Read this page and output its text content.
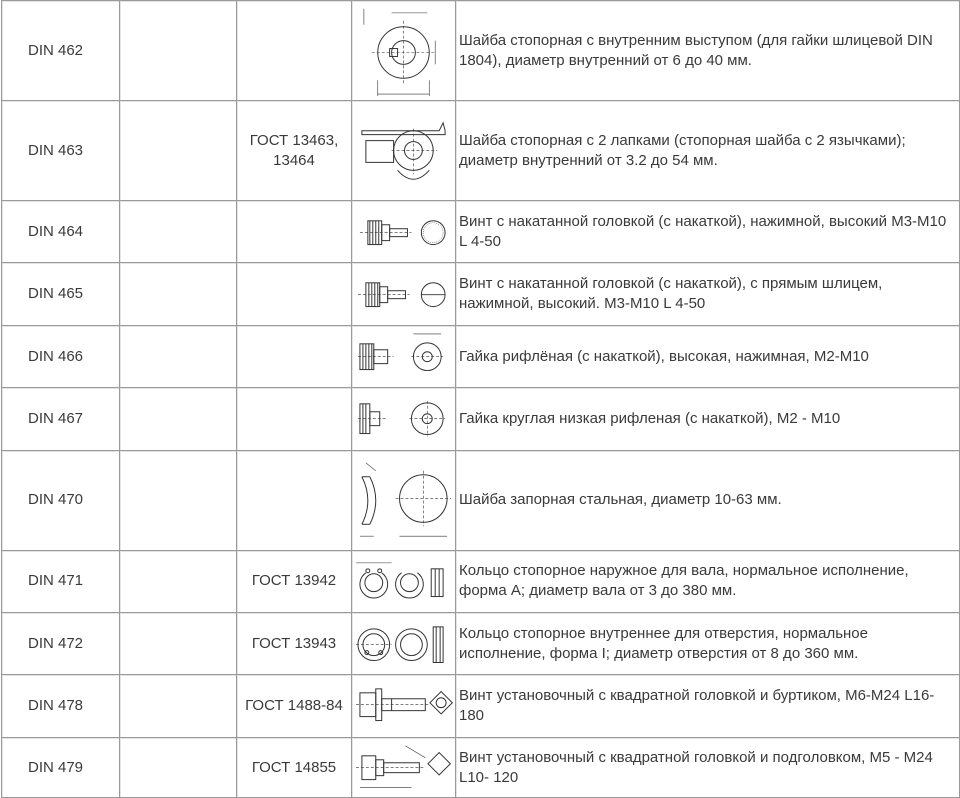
DIN 462				Шайба стопорная с внутренним выступом (для гайки шлицевой DIN 1804), диаметр внутренний от 6 до 40 мм.
DIN 463		ГОСТ 13463, 13464		Шайба стопорная с 2 лапками (стопорная шайба с 2 язычками); диаметр внутренний от 3.2 до 54 мм.
DIN 464				Винт с накатанной головкой (с накаткой), нажимной, высокий M3-M10 L 4-50
DIN 465				Винт с накатанной головкой (с накаткой), с прямым шлицем, нажимной, высокий. M3-M10 L 4-50
DIN 466				Гайка рифлёная (с накаткой), высокая, нажимная, M2-M10
DIN 467				Гайка круглая низкая рифленая (с накаткой), M2 - M10
DIN 470				Шайба запорная стальная, диаметр 10-63 мм.
DIN 471		ГОСТ 13942		Кольцо стопорное наружное для вала, нормальное исполнение, форма А; диаметр вала от 3 до 380 мм.
DIN 472		ГОСТ 13943		Кольцо стопорное внутреннее для отверстия, нормальное исполнение, форма I; диаметр отверстия от 8 до 360 мм.
DIN 478		ГОСТ 1488-84		Винт установочный с квадратной головкой и буртиком, M6-M24 L16-180
DIN 479		ГОСТ 14855		Винт установочный с квадратной головкой и подголовком, M5 - M24 L10- 120
